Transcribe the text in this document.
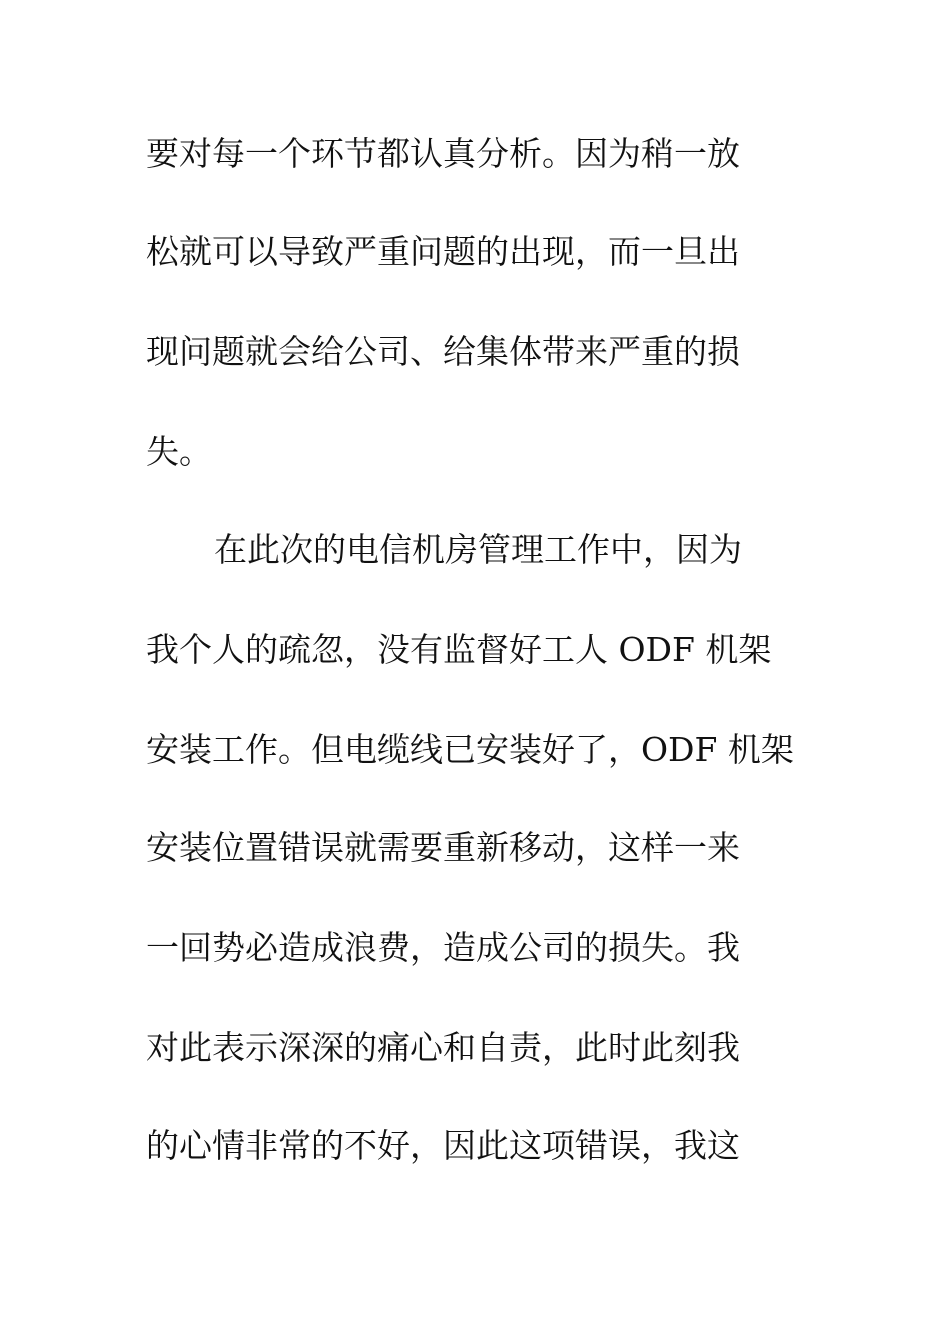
要对每一个环节都认真分析。因为稍一放
松就可以导致严重问题的出现，而一旦出
现问题就会给公司、给集体带来严重的损
失。
在此次的电信机房管理工作中，因为
我个人的疏忽，没有监督好工人 ODF 机架
安装工作。但电缆线已安装好了，ODF 机架
安装位置错误就需要重新移动，这样一来
一回势必造成浪费，造成公司的损失。我
对此表示深深的痛心和自责，此时此刻我
的心情非常的不好，因此这项错误，我这
